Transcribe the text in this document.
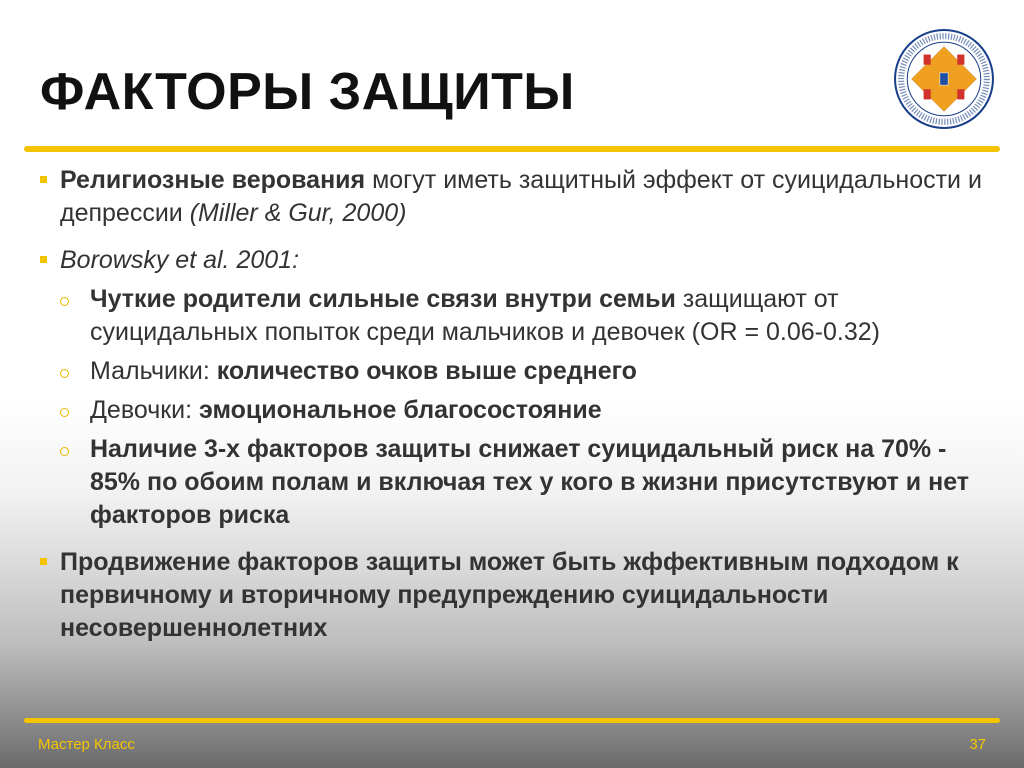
ФАКТОРЫ ЗАЩИТЫ
Религиозные верования могут иметь защитный эффект от суицидальности и депрессии (Miller & Gur, 2000)
Borowsky et al. 2001:
Чуткие родители сильные связи внутри семьи защищают от суицидальных попыток среди мальчиков и девочек (OR = 0.06-0.32)
Мальчики: количество очков выше среднего
Девочки: эмоциональное благосостояние
Наличие 3-х факторов защиты снижает суицидальный риск на 70% - 85% по обоим полам и включая тех у кого в жизни присутствуют и нет факторов риска
Продвижение факторов защиты может быть жффективным подходом к первичному и вторичному предупреждению суицидальности несовершеннолетних
Мастер Класс	37
